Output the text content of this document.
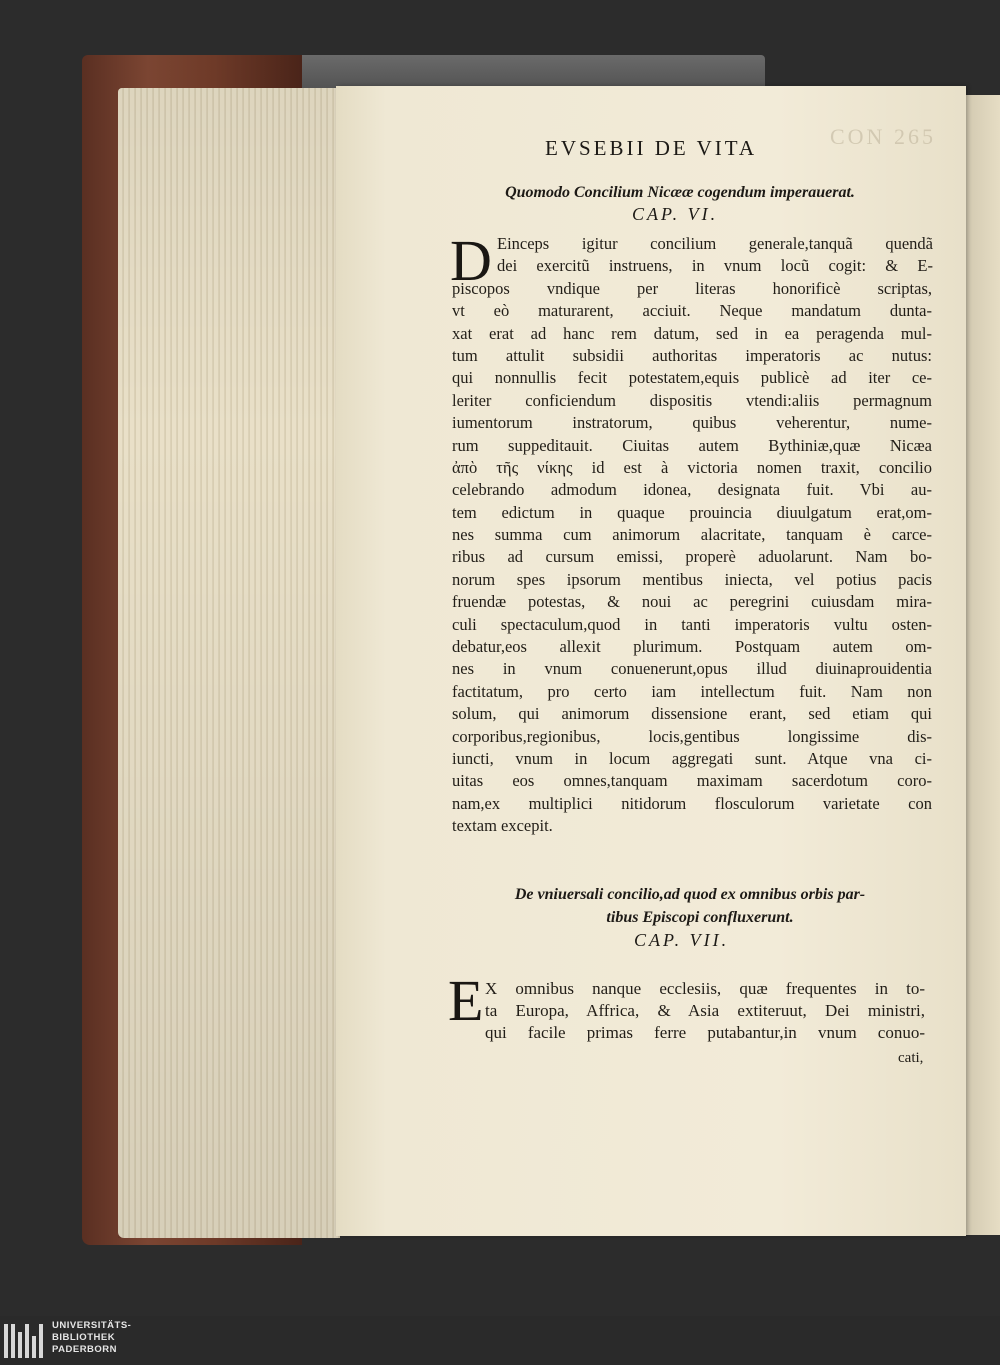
CON 265
EVSEBII DE VITA
Quomodo Concilium Nicææ cogendum imperauerat.
CAP. VI.
D Einceps igitur concilium generale,tanquã quendã
dei exercitũ instruens, in vnum locũ cogit: & E-
piscopos vndique per literas honorificè scriptas,
vt eò maturarent, acciuit. Neque mandatum dunta-
xat erat ad hanc rem datum, sed in ea peragenda mul-
tum attulit subsidii authoritas imperatoris ac nutus:
qui nonnullis fecit potestatem,equis publicè ad iter ce-
leriter conficiendum dispositis vtendi:aliis permagnum
iumentorum instratorum, quibus veherentur, nume-
rum suppeditauit. Ciuitas autem Bythiniæ,quæ Nicæa
ἀπὸ τῆς νίκης id est à victoria nomen traxit, concilio
celebrando admodum idonea, designata fuit. Vbi au-
tem edictum in quaque prouincia diuulgatum erat,om-
nes summa cum animorum alacritate, tanquam è carce-
ribus ad cursum emissi, properè aduolarunt. Nam bo-
norum spes ipsorum mentibus iniecta, vel potius pacis
fruendæ potestas, & noui ac peregrini cuiusdam mira-
culi spectaculum,quod in tanti imperatoris vultu osten-
debatur,eos allexit plurimum. Postquam autem om-
nes in vnum conuenerunt,opus illud diuinaprouidentia
factitatum, pro certo iam intellectum fuit. Nam non
solum, qui animorum dissensione erant, sed etiam qui
corporibus,regionibus, locis,gentibus longissime dis-
iuncti, vnum in locum aggregati sunt. Atque vna ci-
uitas eos omnes,tanquam maximam sacerdotum coro-
nam,ex multiplici nitidorum flosculorum varietate con
textam excepit.
De vniuersali concilio,ad quod ex omnibus orbis par-
tibus Episcopi confluxerunt.
CAP. VII.
E X omnibus nanque ecclesiis, quæ frequentes in to-
ta Europa, Affrica, & Asia extiteruut, Dei ministri,
qui facile primas ferre putabantur,in vnum conuo-
cati,
UNIVERSITÄTS-
BIBLIOTHEK
PADERBORN
